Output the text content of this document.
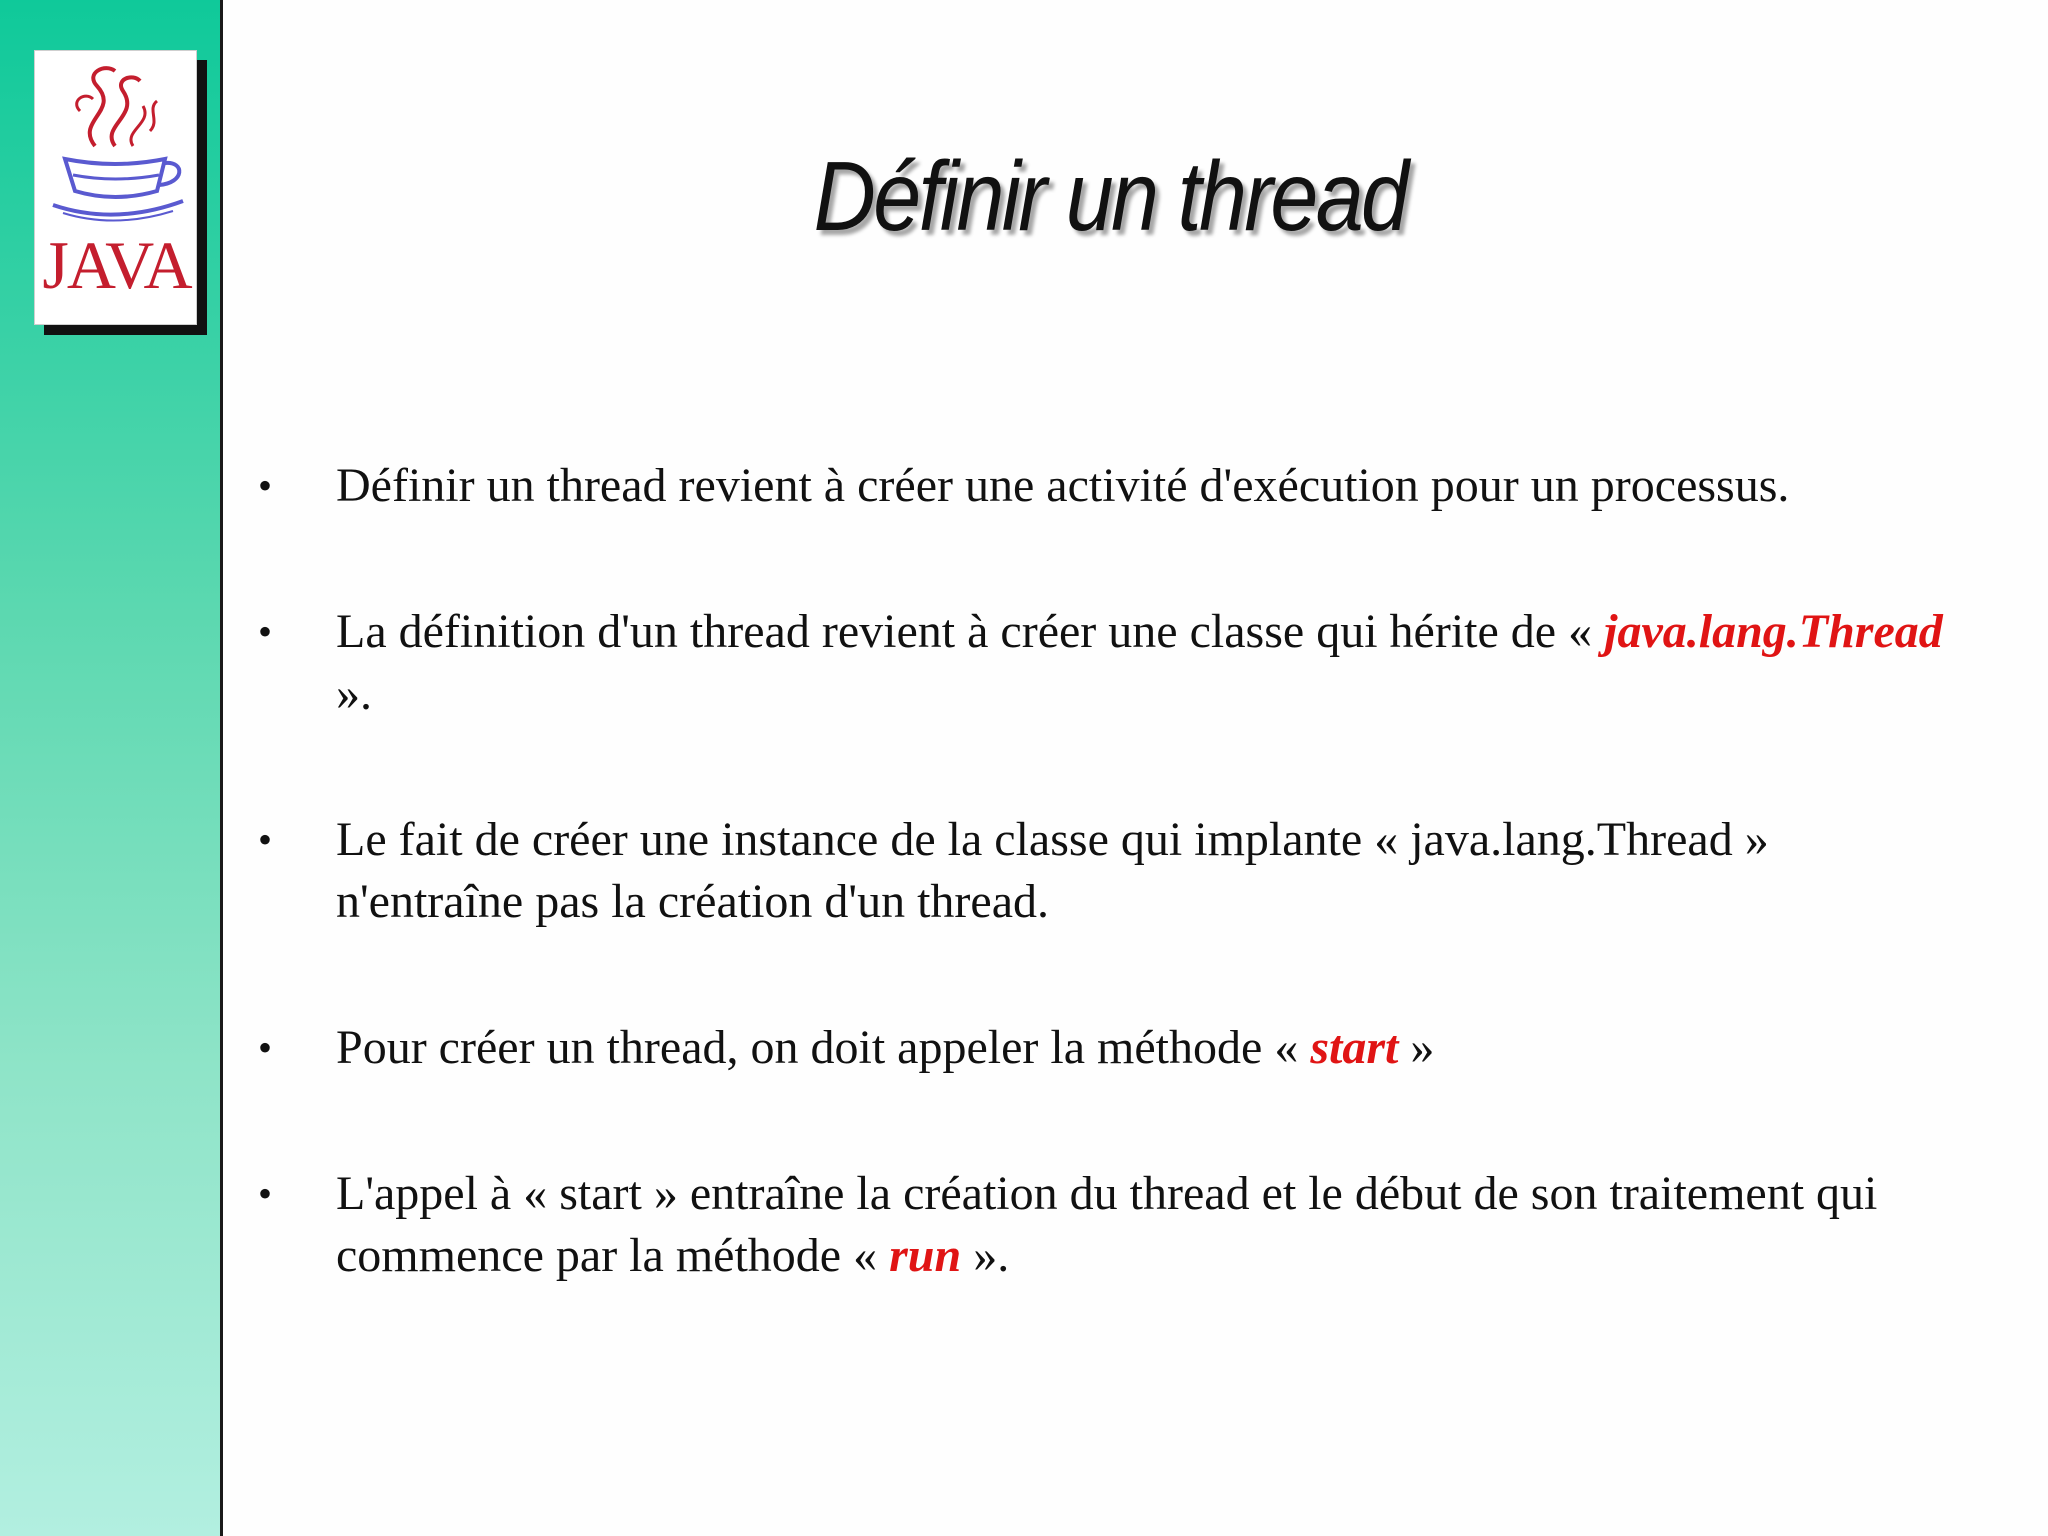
JAVA
Définir un thread
• Définir un thread revient à créer une activité d'exécution pour un processus.
• La définition d'un thread revient à créer une classe qui hérite de « java.lang.Thread ».
• Le fait de créer une instance de la classe qui implante « java.lang.Thread » n'entraîne pas la création d'un thread.
• Pour créer un thread, on doit appeler la méthode « start »
• L'appel à « start » entraîne la création du thread et le début de son traitement qui commence par la méthode « run ».
